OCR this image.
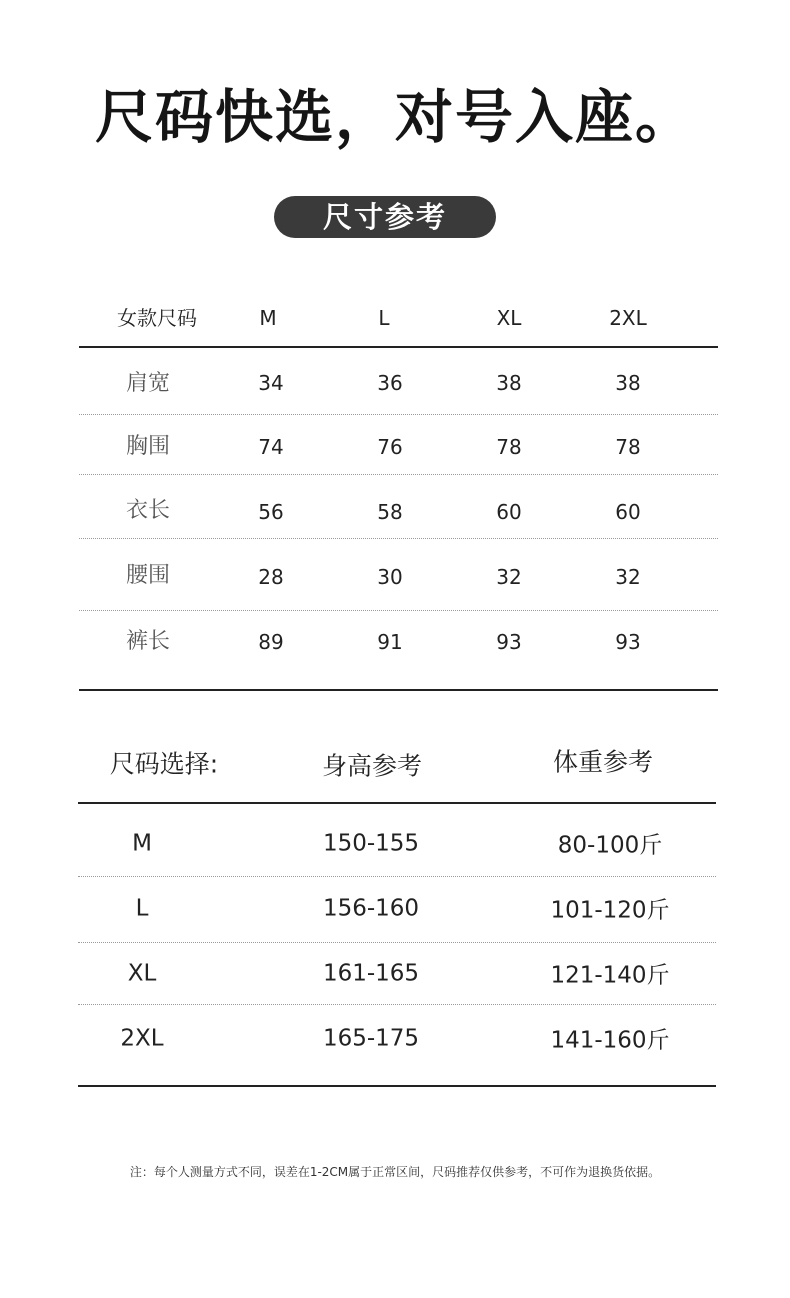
尺码快选，对号入座。
尺寸参考
女款尺码	M	L	XL	2XL
肩宽	34	36	38	38
胸围	74	76	78	78
衣长	56	58	60	60
腰围	28	30	32	32
裤长	89	91	93	93
尺码选择:	身高参考	体重参考
M	150-155	80-100斤
L	156-160	101-120斤
XL	161-165	121-140斤
2XL	165-175	141-160斤
注：每个人测量方式不同，误差在1-2CM属于正常区间，尺码推荐仅供参考，不可作为退换货依据。
